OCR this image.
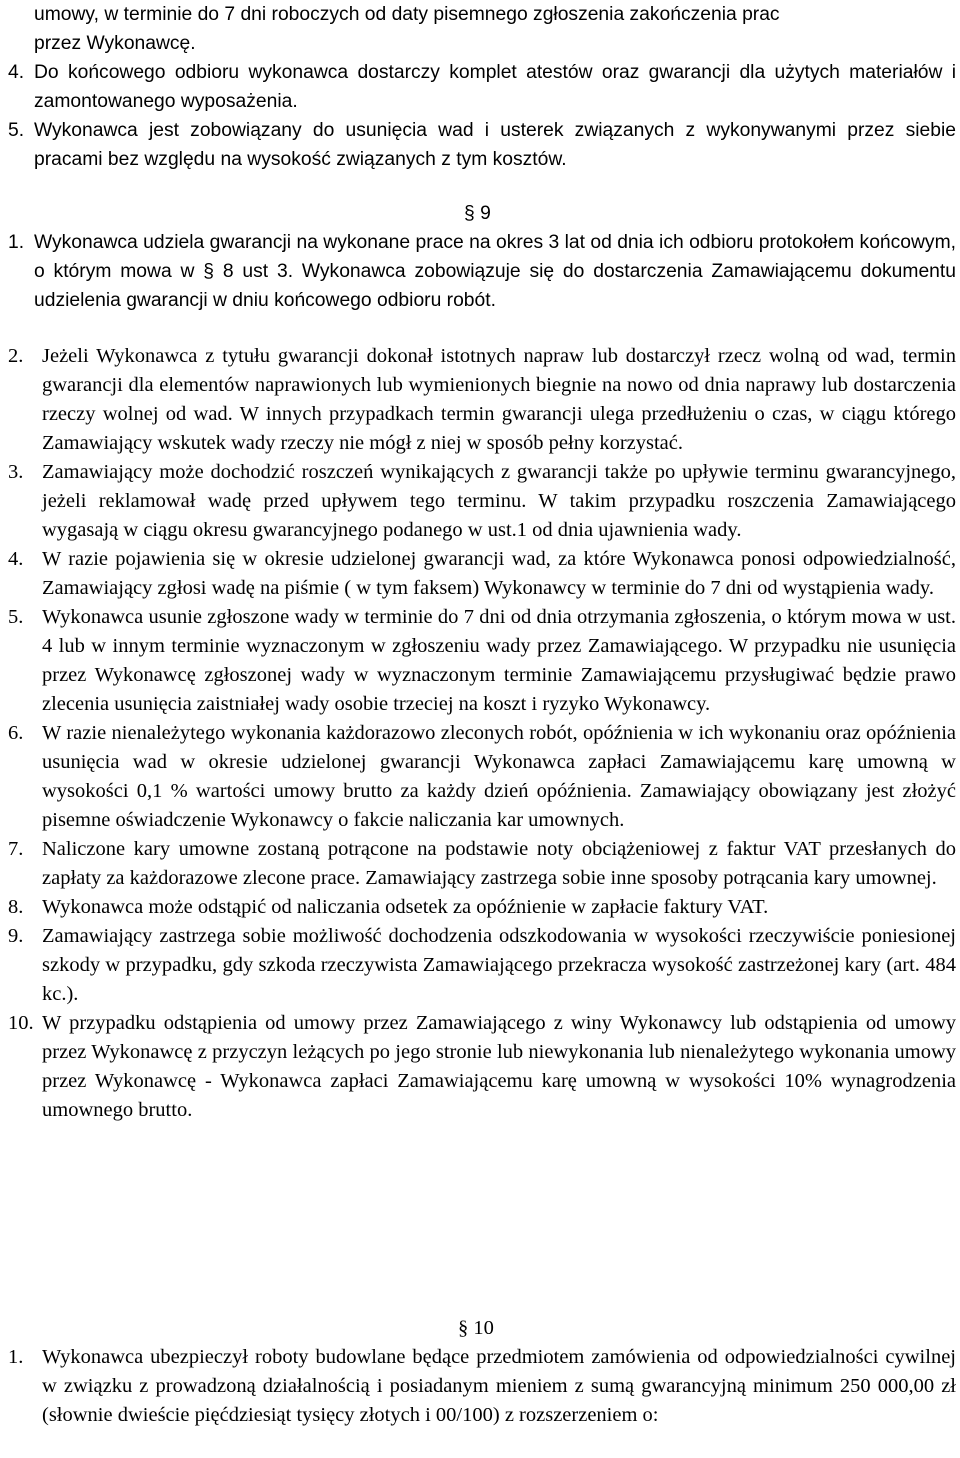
umowy, w terminie do 7 dni roboczych od daty pisemnego zgłoszenia zakończenia prac
przez Wykonawcę.
4. Do końcowego odbioru wykonawca dostarczy komplet atestów oraz gwarancji dla użytych materiałów i zamontowanego wyposażenia.
5. Wykonawca jest zobowiązany do usunięcia wad i usterek związanych z wykonywanymi przez siebie pracami bez względu na wysokość związanych z tym kosztów.
§ 9
1. Wykonawca udziela gwarancji na wykonane prace na okres 3 lat od dnia ich odbioru protokołem końcowym, o którym mowa w § 8 ust 3. Wykonawca zobowiązuje się do dostarczenia Zamawiającemu dokumentu udzielenia gwarancji w dniu końcowego odbioru robót.
2. Jeżeli Wykonawca z tytułu gwarancji dokonał istotnych napraw lub dostarczył rzecz wolną od wad, termin gwarancji dla elementów naprawionych lub wymienionych biegnie na nowo od dnia naprawy lub dostarczenia rzeczy wolnej od wad. W innych przypadkach termin gwarancji ulega przedłużeniu o czas, w ciągu którego Zamawiający wskutek wady rzeczy nie mógł z niej w sposób pełny korzystać.
3. Zamawiający może dochodzić roszczeń wynikających z gwarancji także po upływie terminu gwarancyjnego, jeżeli reklamował wadę przed upływem tego terminu. W takim przypadku roszczenia Zamawiającego wygasają w ciągu okresu gwarancyjnego podanego w ust.1 od dnia ujawnienia wady.
4. W razie pojawienia się w okresie udzielonej gwarancji wad, za które Wykonawca ponosi odpowiedzialność, Zamawiający zgłosi wadę na piśmie ( w tym faksem) Wykonawcy w terminie do 7 dni od wystąpienia wady.
5. Wykonawca usunie zgłoszone wady w terminie do 7 dni od dnia otrzymania zgłoszenia, o którym mowa w ust. 4 lub w innym terminie wyznaczonym w zgłoszeniu wady przez Zamawiającego. W przypadku nie usunięcia przez Wykonawcę zgłoszonej wady w wyznaczonym terminie Zamawiającemu przysługiwać będzie prawo zlecenia usunięcia zaistniałej wady osobie trzeciej na koszt i ryzyko Wykonawcy.
6. W razie nienależytego wykonania każdorazowo zleconych robót, opóźnienia w ich wykonaniu oraz opóźnienia usunięcia wad w okresie udzielonej gwarancji Wykonawca zapłaci Zamawiającemu karę umowną w wysokości 0,1 % wartości umowy brutto za każdy dzień opóźnienia. Zamawiający obowiązany jest złożyć pisemne oświadczenie Wykonawcy o fakcie naliczania kar umownych.
7. Naliczone kary umowne zostaną potrącone na podstawie noty obciążeniowej z faktur VAT przesłanych do zapłaty za każdorazowe zlecone prace. Zamawiający zastrzega sobie inne sposoby potrącania kary umownej.
8. Wykonawca może odstąpić od naliczania odsetek za opóźnienie w zapłacie faktury VAT.
9. Zamawiający zastrzega sobie możliwość dochodzenia odszkodowania w wysokości rzeczywiście poniesionej szkody w przypadku, gdy szkoda rzeczywista Zamawiającego przekracza wysokość zastrzeżonej kary (art. 484 kc.).
10. W przypadku odstąpienia od umowy przez Zamawiającego z winy Wykonawcy lub odstąpienia od umowy przez Wykonawcę z przyczyn leżących po jego stronie lub niewykonania lub nienależytego wykonania umowy przez Wykonawcę - Wykonawca zapłaci Zamawiającemu karę umowną w wysokości 10% wynagrodzenia umownego brutto.
§ 10
1. Wykonawca ubezpieczył roboty budowlane będące przedmiotem zamówienia od odpowiedzialności cywilnej w związku z prowadzoną działalnością i posiadanym mieniem z sumą gwarancyjną minimum 250 000,00 zł (słownie dwieście pięćdziesiąt tysięcy złotych i 00/100) z rozszerzeniem o:
